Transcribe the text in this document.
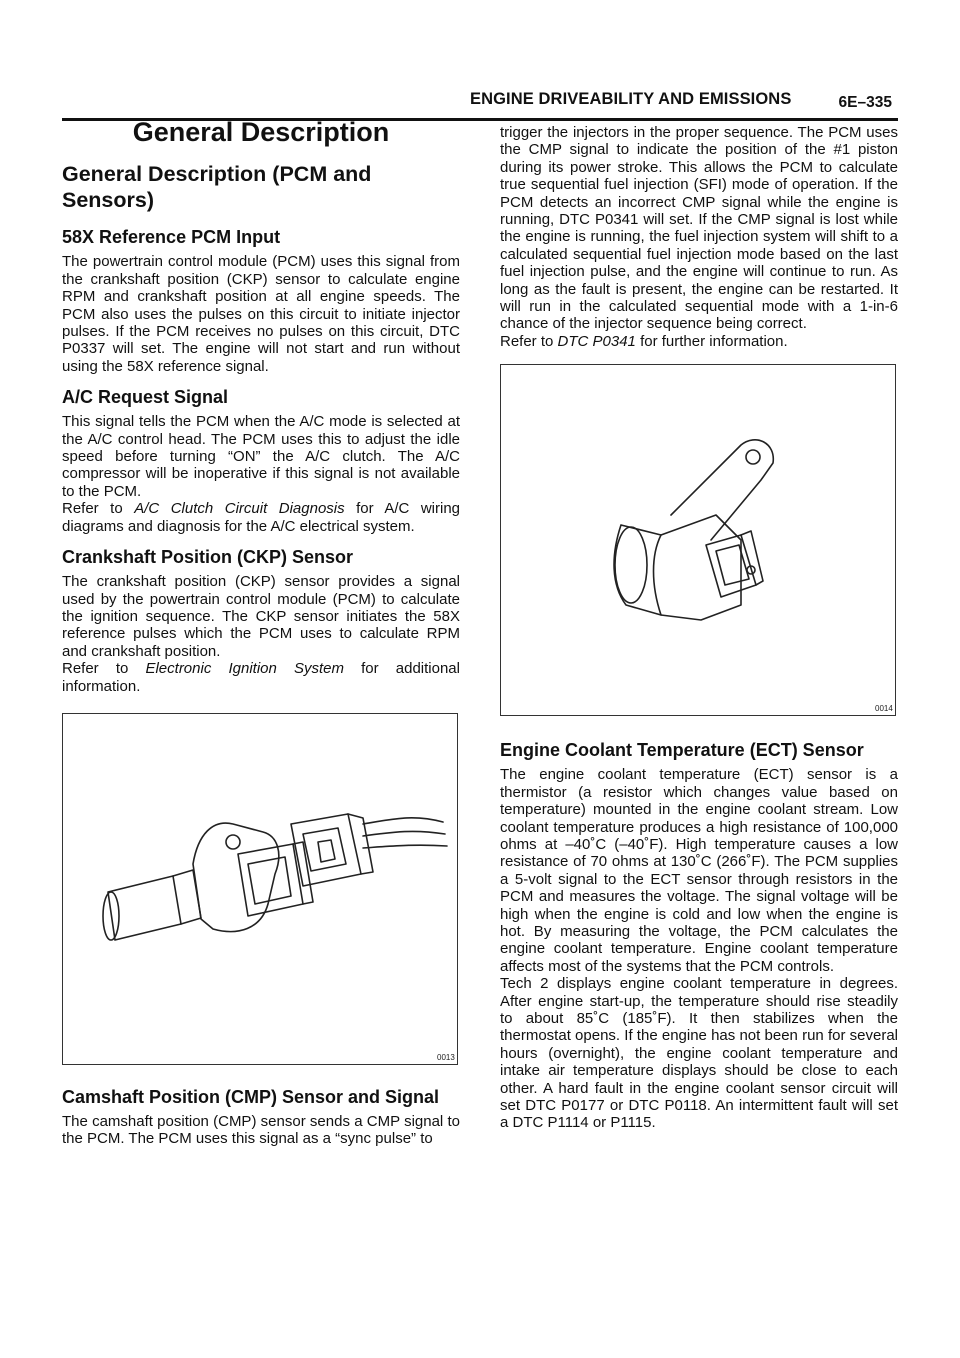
ENGINE DRIVEABILITY AND EMISSIONS	6E–335
General Description
General Description (PCM and Sensors)
58X Reference PCM Input

The powertrain control module (PCM) uses this signal from the crankshaft position (CKP) sensor to calculate engine RPM and crankshaft position at all engine speeds. The PCM also uses the pulses on this circuit to initiate injector pulses. If the PCM receives no pulses on this circuit, DTC P0337 will set. The engine will not start and run without using the 58X reference signal.

A/C Request Signal

This signal tells the PCM when the A/C mode is selected at the A/C control head. The PCM uses this to adjust the idle speed before turning “ON” the A/C clutch. The A/C compressor will be inoperative if this signal is not available to the PCM.

Refer to A/C Clutch Circuit Diagnosis for A/C wiring diagrams and diagnosis for the A/C electrical system.

Crankshaft Position (CKP) Sensor

The crankshaft position (CKP) sensor provides a signal used by the powertrain control module (PCM) to calculate the ignition sequence. The CKP sensor initiates the 58X reference pulses which the PCM uses to calculate RPM and crankshaft position.

Refer to Electronic Ignition System for additional information.

0013
Camshaft Position (CMP) Sensor and Signal

The camshaft position (CMP) sensor sends a CMP signal to the PCM. The PCM uses this signal as a “sync pulse” to

trigger the injectors in the proper sequence. The PCM uses the CMP signal to indicate the position of the #1 piston during its power stroke. This allows the PCM to calculate true sequential fuel injection (SFI) mode of operation. If the PCM detects an incorrect CMP signal while the engine is running, DTC P0341 will set. If the CMP signal is lost while the engine is running, the fuel injection system will shift to a calculated sequential fuel injection mode based on the last fuel injection pulse, and the engine will continue to run. As long as the fault is present, the engine can be restarted. It will run in the calculated sequential mode with a 1-in-6 chance of the injector sequence being correct.

Refer to DTC P0341 for further information.

0014
Engine Coolant Temperature (ECT) Sensor

The engine coolant temperature (ECT) sensor is a thermistor (a resistor which changes value based on temperature) mounted in the engine coolant stream. Low coolant temperature produces a high resistance of 100,000 ohms at –40˚C (–40˚F). High temperature causes a low resistance of 70 ohms at 130˚C (266˚F). The PCM supplies a 5-volt signal to the ECT sensor through resistors in the PCM and measures the voltage. The signal voltage will be high when the engine is cold and low when the engine is hot. By measuring the voltage, the PCM calculates the engine coolant temperature. Engine coolant temperature affects most of the systems that the PCM controls.

Tech 2 displays engine coolant temperature in degrees. After engine start-up, the temperature should rise steadily to about 85˚C (185˚F). It then stabilizes when the thermostat opens. If the engine has not been run for several hours (overnight), the engine coolant temperature and intake air temperature displays should be close to each other. A hard fault in the engine coolant sensor circuit will set DTC P0177 or DTC P0118. An intermittent fault will set a DTC P1114 or P1115.
